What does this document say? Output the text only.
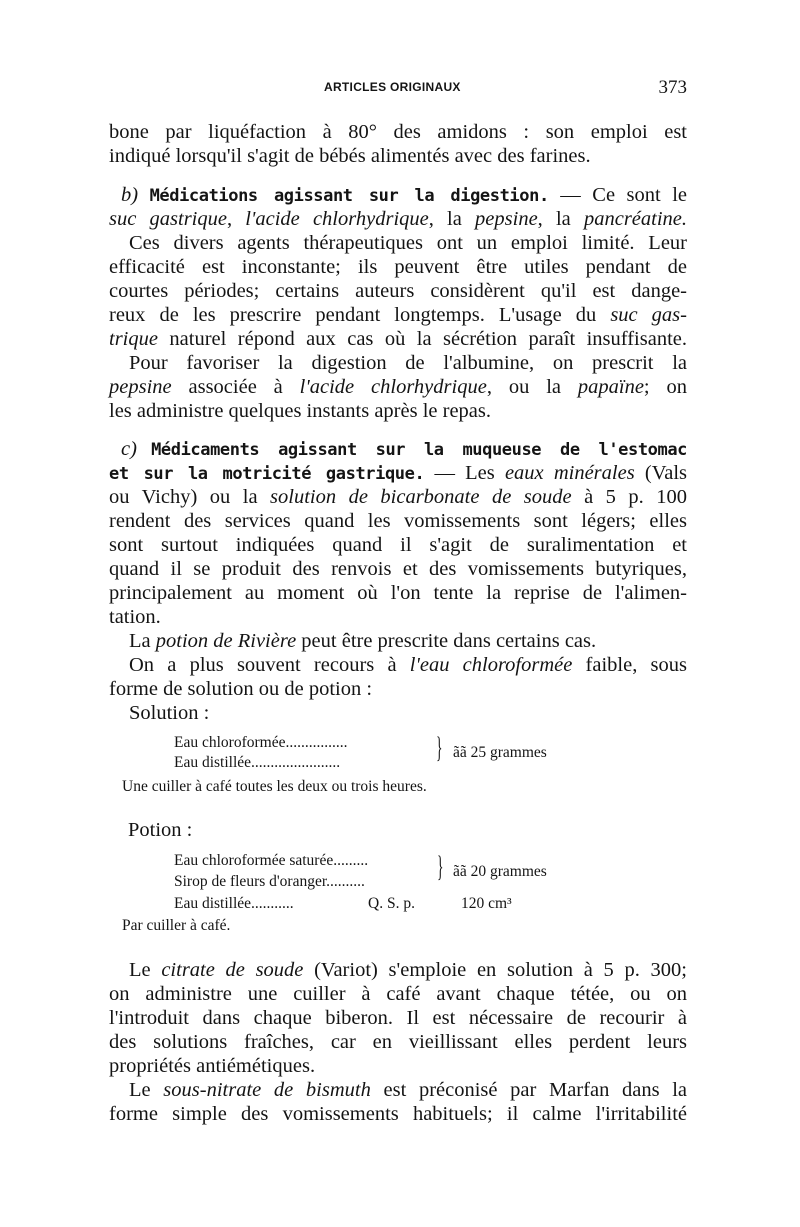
ARTICLES ORIGINAUX	373
bone par liquéfaction à 80° des amidons : son emploi est
indiqué lorsqu'il s'agit de bébés alimentés avec des farines.
b) Médications agissant sur la digestion. — Ce sont le
suc gastrique, l'acide chlorhydrique, la pepsine, la pancréatine.
Ces divers agents thérapeutiques ont un emploi limité. Leur
efficacité est inconstante; ils peuvent être utiles pendant de
courtes périodes; certains auteurs considèrent qu'il est dange-
reux de les prescrire pendant longtemps. L'usage du suc gas-
trique naturel répond aux cas où la sécrétion paraît insuffisante.
Pour favoriser la digestion de l'albumine, on prescrit la
pepsine associée à l'acide chlorhydrique, ou la papaïne; on
les administre quelques instants après le repas.
c) Médicaments agissant sur la muqueuse de l'estomac
et sur la motricité gastrique. — Les eaux minérales (Vals
ou Vichy) ou la solution de bicarbonate de soude à 5 p. 100
rendent des services quand les vomissements sont légers; elles
sont surtout indiquées quand il s'agit de suralimentation et
quand il se produit des renvois et des vomissements butyriques,
principalement au moment où l'on tente la reprise de l'alimen-
tation.
La potion de Rivière peut être prescrite dans certains cas.
On a plus souvent recours à l'eau chloroformée faible, sous
forme de solution ou de potion :
Solution :
Eau chloroformée................
Eau distillée.......................	} ãã 25 grammes
Une cuiller à café toutes les deux ou trois heures.
Potion :
Eau chloroformée saturée.........
Sirop de fleurs d'oranger.......... } ãã 20 grammes
Eau distillée...........	Q. S. p.	120 cm³
Par cuiller à café.
Le citrate de soude (Variot) s'emploie en solution à 5 p. 300;
on administre une cuiller à café avant chaque tétée, ou on
l'introduit dans chaque biberon. Il est nécessaire de recourir à
des solutions fraîches, car en vieillissant elles perdent leurs
propriétés antiémétiques.
Le sous-nitrate de bismuth est préconisé par Marfan dans la
forme simple des vomissements habituels; il calme l'irritabilité
